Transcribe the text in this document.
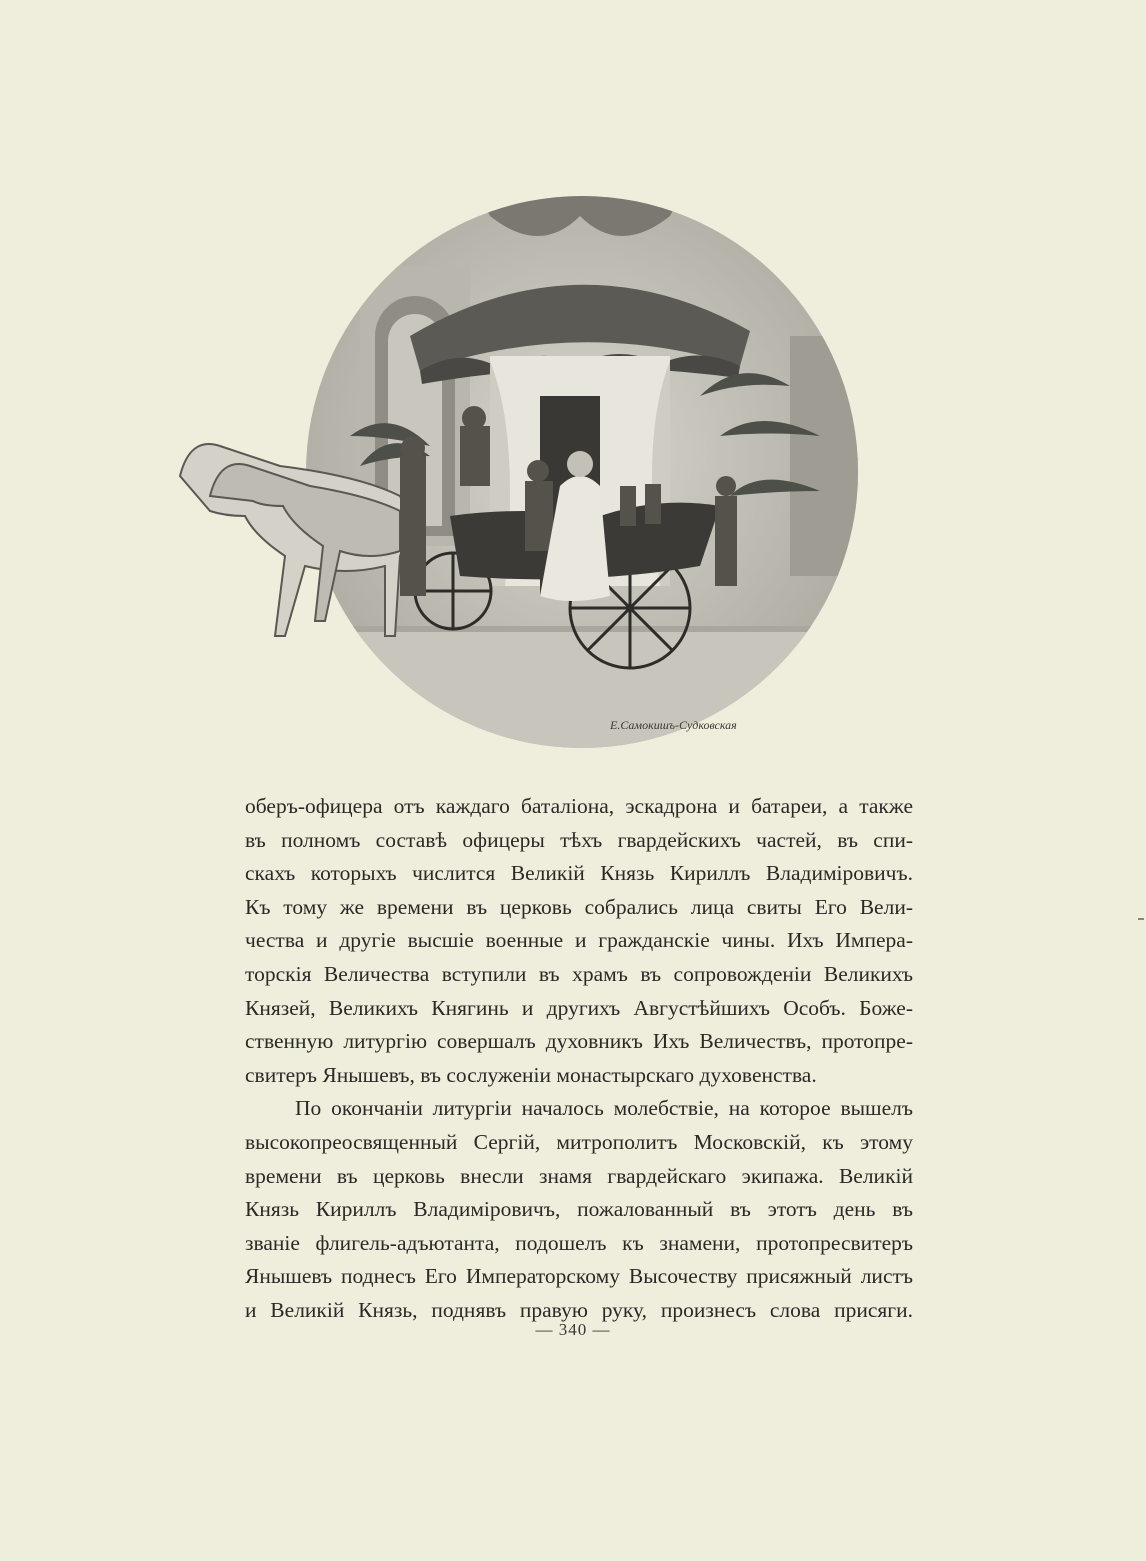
Е.Самокишъ-Судковская
оберъ-офицера отъ каждаго баталіона, эскадрона и батареи, а также
въ полномъ составѣ офицеры тѣхъ гвардейскихъ частей, въ спи-
скахъ которыхъ числится Великій Князь Кириллъ Владиміровичъ.
Къ тому же времени въ церковь собрались лица свиты Его Вели-
чества и другіе высшіе военные и гражданскіе чины. Ихъ Импера-
торскія Величества вступили въ храмъ въ сопровожденіи Великихъ
Князей, Великихъ Княгинь и другихъ Августѣйшихъ Особъ. Боже-
ственную литургію совершалъ духовникъ Ихъ Величествъ, протопре-
свитеръ Янышевъ, въ сослуженіи монастырскаго духовенства.
По окончаніи литургіи началось молебствіе, на которое вышелъ
высокопреосвященный Сергій, митрополитъ Московскій, къ этому
времени въ церковь внесли знамя гвардейскаго экипажа. Великій
Князь Кириллъ Владиміровичъ, пожалованный въ этотъ день въ
званіе флигель-адъютанта, подошелъ къ знамени, протопресвитеръ
Янышевъ поднесъ Его Императорскому Высочеству присяжный листъ
и Великій Князь, поднявъ правую руку, произнесъ слова присяги.
— 340 —
